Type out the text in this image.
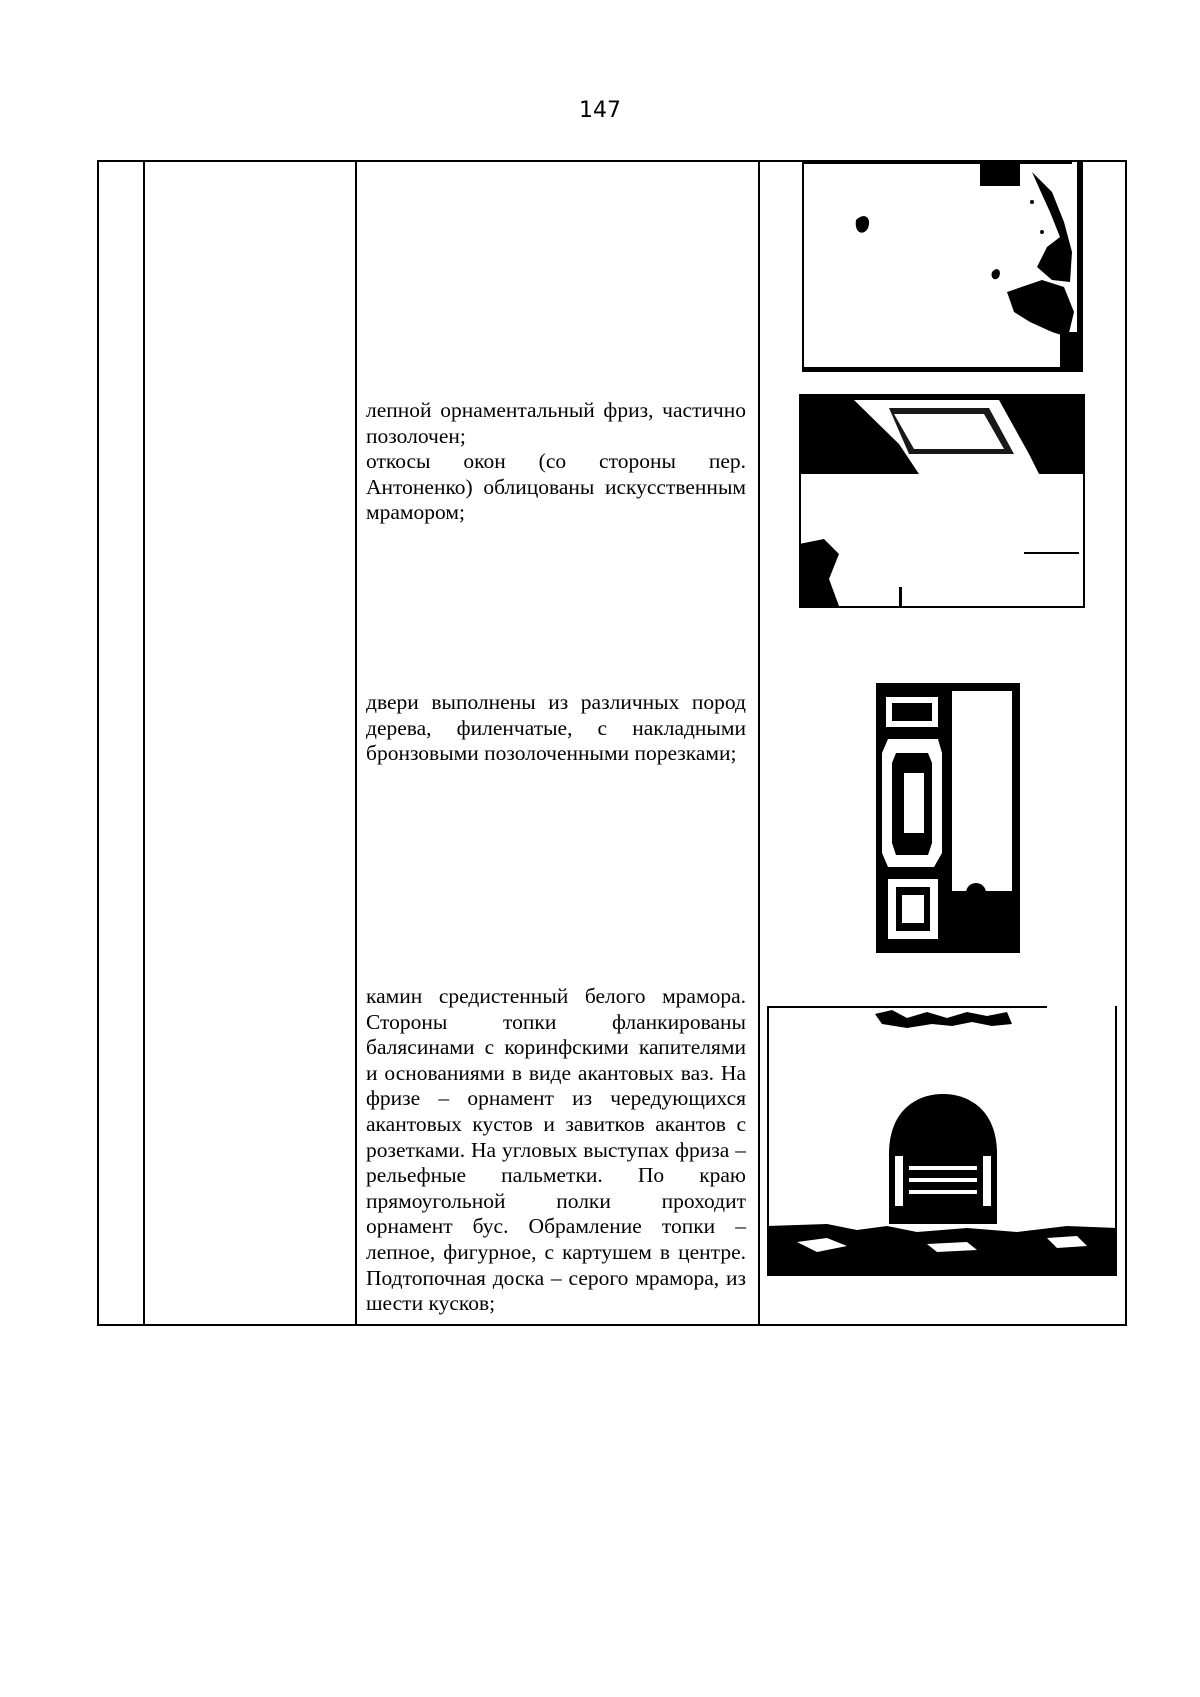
147

лепной орнаментальный фриз, частично позолочен;

откосы окон (со стороны пер. Антоненко) облицованы искусственным мрамором;

двери выполнены из различных пород дерева, филенчатые, с накладными бронзовыми позолоченными порезками;

камин средистенный белого мрамора. Стороны топки фланкированы балясинами с коринфскими капителями и основаниями в виде акантовых ваз. На фризе – орнамент из чередующихся акантовых кустов и завитков акантов с розетками. На угловых выступах фриза – рельефные пальметки. По краю прямоугольной полки проходит орнамент бус. Обрамление топки – лепное, фигурное, с картушем в центре. Подтопочная доска – серого мрамора, из шести кусков;
